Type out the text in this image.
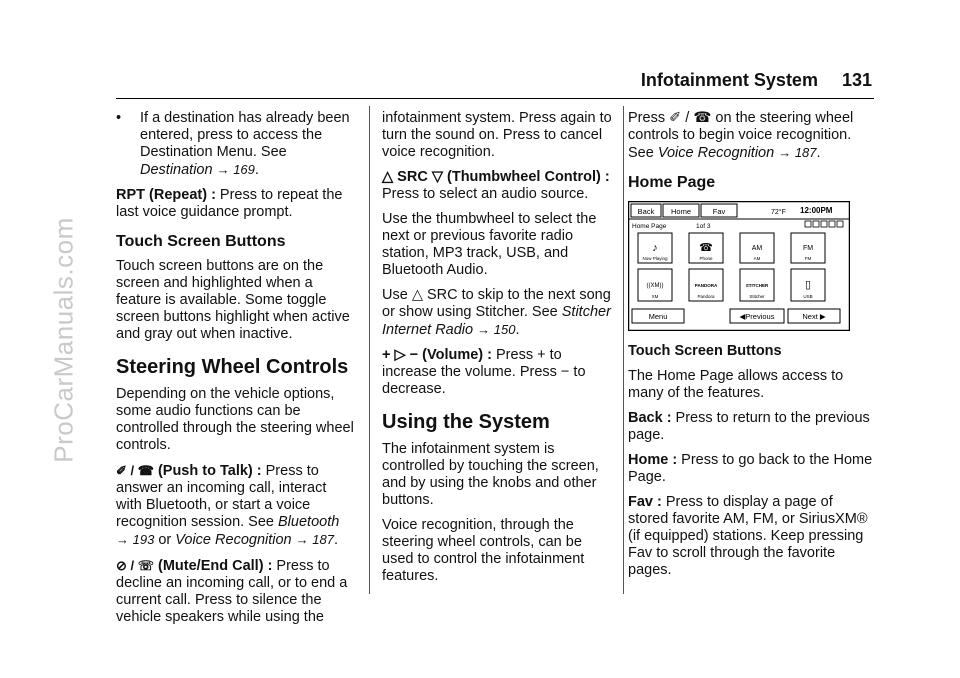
ProCarManuals.com
Infotainment System 131
•	If a destination has already been entered, press to access the Destination Menu. See Destination → 169.

RPT (Repeat) : Press to repeat the last voice guidance prompt.

Touch Screen Buttons

Touch screen buttons are on the screen and highlighted when a feature is available. Some toggle screen buttons highlight when active and gray out when inactive.

Steering Wheel Controls

Depending on the vehicle options, some audio functions can be controlled through the steering wheel controls.

✐ / ☎ (Push to Talk) : Press to answer an incoming call, interact with Bluetooth, or start a voice recognition session. See Bluetooth → 193 or Voice Recognition → 187.

⊘ / ☏ (Mute/End Call) : Press to decline an incoming call, or to end a current call. Press to silence the vehicle speakers while using the

infotainment system. Press again to turn the sound on. Press to cancel voice recognition.

△ SRC ▽ (Thumbwheel Control) :
Press to select an audio source.

Use the thumbwheel to select the next or previous favorite radio station, MP3 track, USB, and Bluetooth Audio.

Use △ SRC to skip to the next song or show using Stitcher. See Stitcher Internet Radio → 150.

+ ▷ − (Volume) : Press + to increase the volume. Press − to decrease.

Using the System

The infotainment system is controlled by touching the screen, and by using the knobs and other buttons.

Voice recognition, through the steering wheel controls, can be used to control the infotainment features.

Press ✐ / ☎ on the steering wheel controls to begin voice recognition. See Voice Recognition → 187.

Home Page
Back Home	Fav	72°F 12:00PM
Home Page	1of 3
♪
Now Playing
☎
Phone
AM
AM
FM
FM
((XM))
XM
PANDORA
Pandora
STITCHER
Stitcher
▯
USB
Menu	◀Previous	Next ▶

Touch Screen Buttons

The Home Page allows access to many of the features.

Back : Press to return to the previous page.

Home : Press to go back to the Home Page.

Fav : Press to display a page of stored favorite AM, FM, or SiriusXM® (if equipped) stations. Keep pressing Fav to scroll through the favorite pages.
